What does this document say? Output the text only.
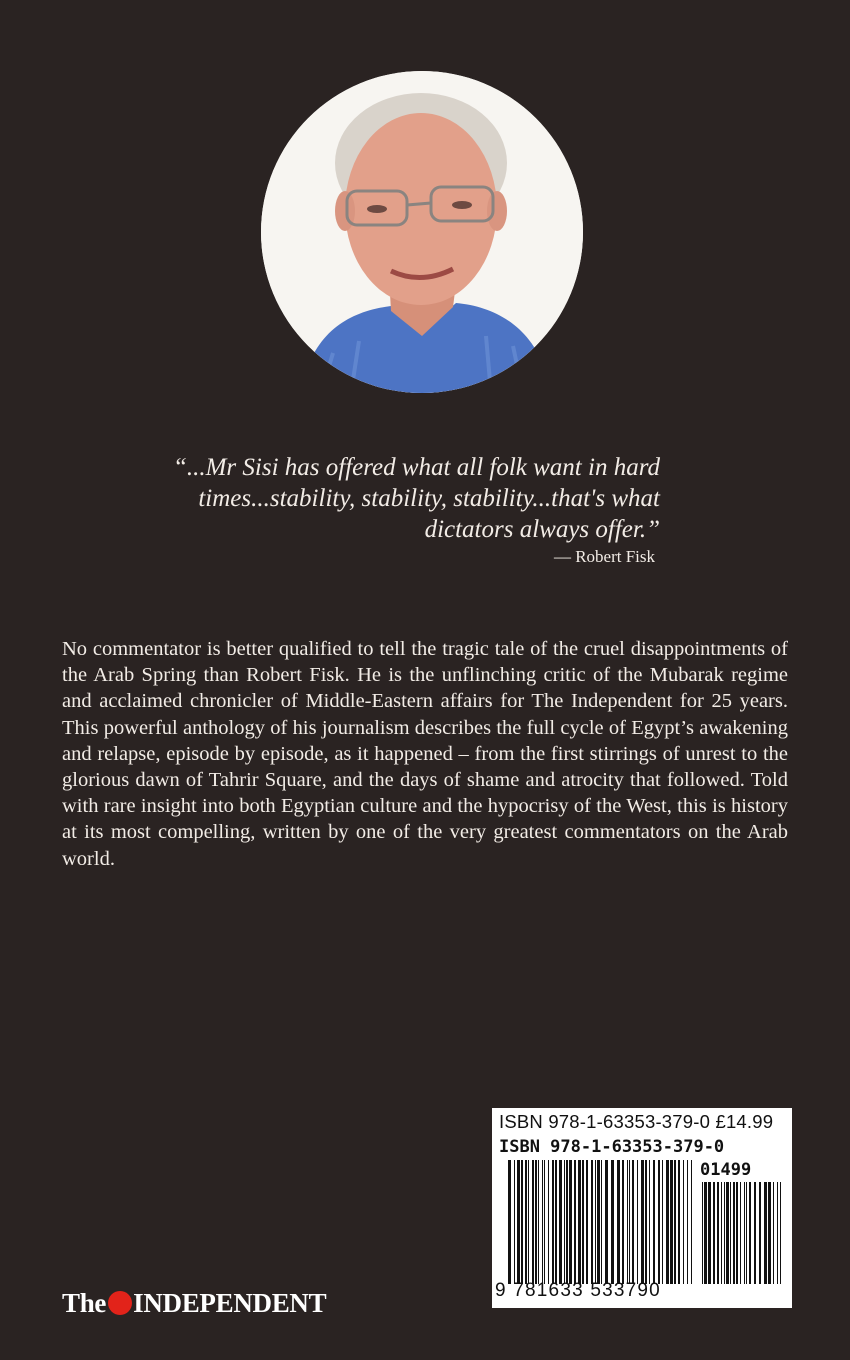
“...Mr Sisi has offered what all folk want in hard

times...stability, stability, stability...that's what

dictators always offer.”

— Robert Fisk
No commentator is better qualified to tell the tragic tale of the cruel disappointments of the Arab Spring than Robert Fisk. He is the unflinching critic of the Mubarak regime and acclaimed chronicler of Middle-Eastern affairs for The Independent for 25 years. This powerful anthology of his journalism describes the full cycle of Egypt’s awakening and relapse, episode by episode, as it happened – from the first stirrings of unrest to the glorious dawn of Tahrir Square, and the days of shame and atrocity that followed. Told with rare insight into both Egyptian culture and the hypocrisy of the West, this is history at its most compelling, written by one of the very greatest commentators on the Arab world.
ISBN 978-1-63353-379-0 £14.99
ISBN 978-1-63353-379-0
01499
9 781633 533790
The INDEPENDENT
